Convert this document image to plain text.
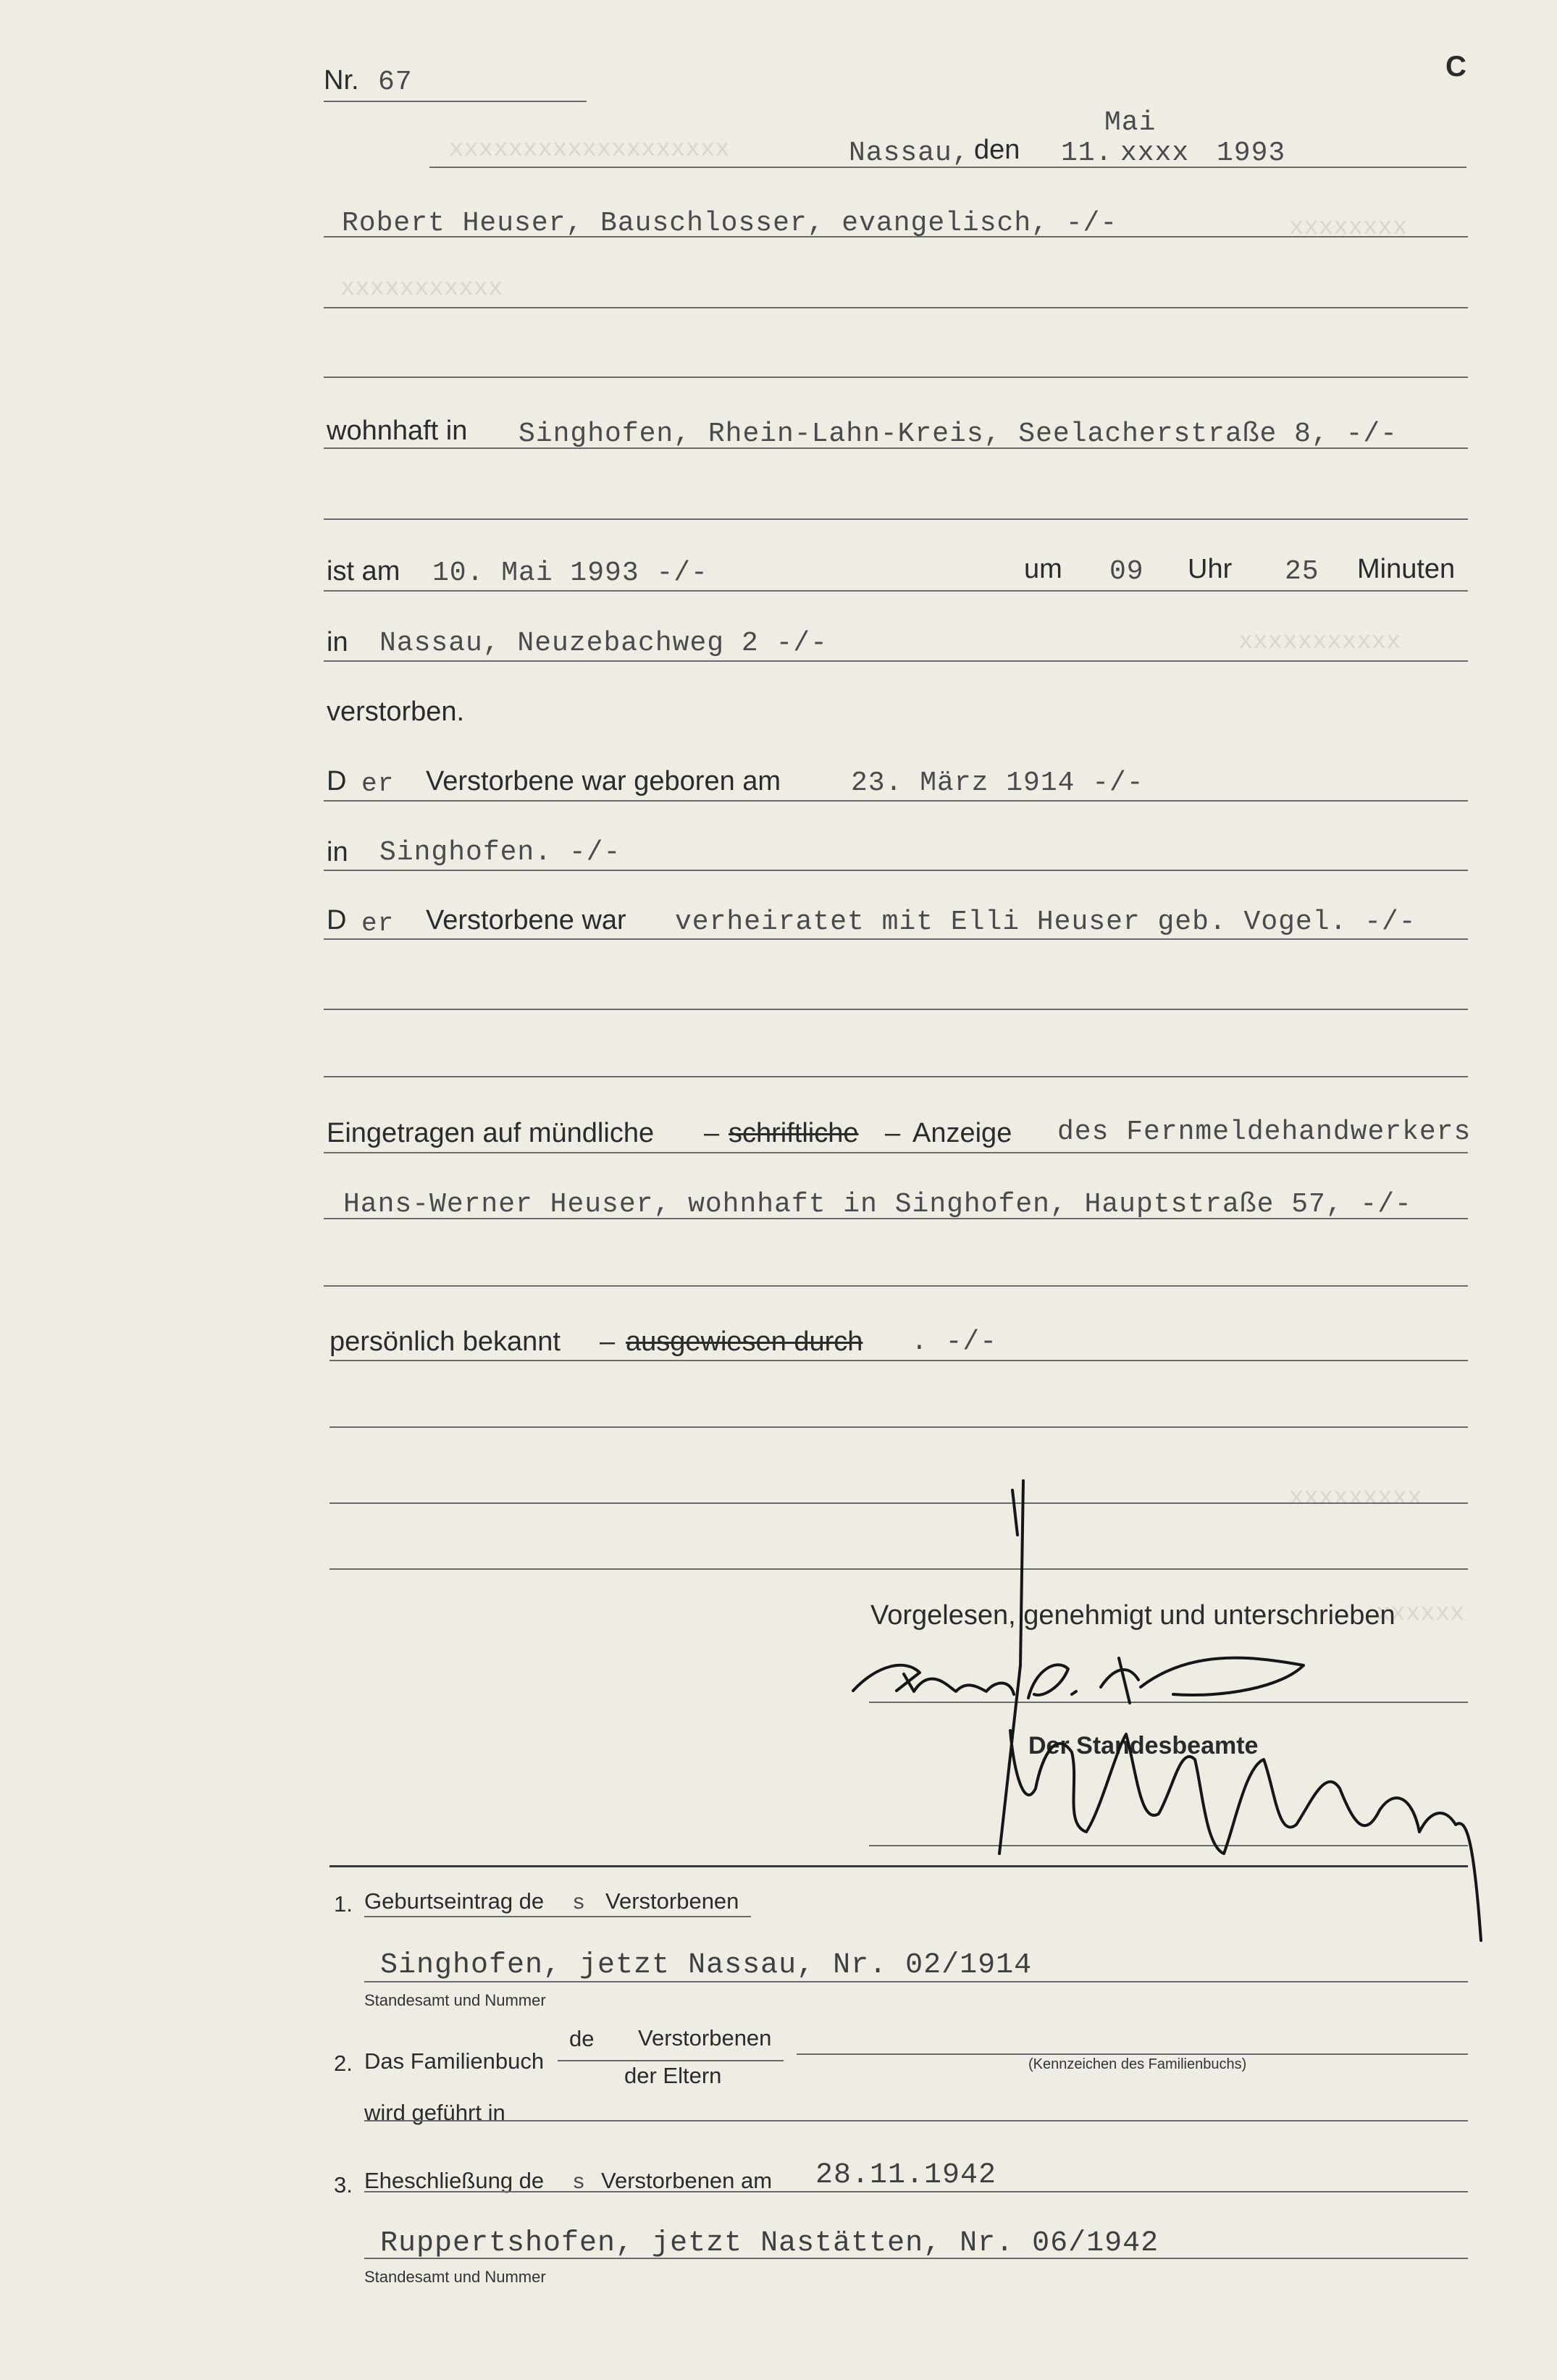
xxxxxxxxxxxxxxxxxxx
xxxxxxxx
xxxxxxxxxxx
xxxxxxxxxxx
xxxxxxxxx
xxxxxx
C
Nr. 67
Mai
Nassau, den 11. xxxx 1993
Robert Heuser, Bauschlosser, evangelisch, -/-
wohnhaft in Singhofen, Rhein-Lahn-Kreis, Seelacherstraße 8, -/-
ist am 10. Mai 1993 -/-	um 09 Uhr 25 Minuten
in Nassau, Neuzebachweg 2 -/-
verstorben.
D er Verstorbene war geboren am	23. März 1914 -/-
in Singhofen. -/-
D er Verstorbene war verheiratet mit Elli Heuser geb. Vogel. -/-
Eingetragen auf mündliche – schriftliche – Anzeige des Fernmeldehandwerkers
Hans-Werner Heuser, wohnhaft in Singhofen, Hauptstraße 57, -/-
persönlich bekannt – ausgewiesen durch . -/-
Vorgelesen, genehmigt und unterschrieben
Der Standesbeamte
1. Geburtseintrag de s Verstorbenen
Singhofen, jetzt Nassau, Nr. 02/1914
Standesamt und Nummer
2. Das Familienbuch
de Verstorbenen
der Eltern	(Kennzeichen des Familienbuchs)
wird geführt in
3. Eheschließung de s Verstorbenen am 28.11.1942
Ruppertshofen, jetzt Nastätten, Nr. 06/1942
Standesamt und Nummer
